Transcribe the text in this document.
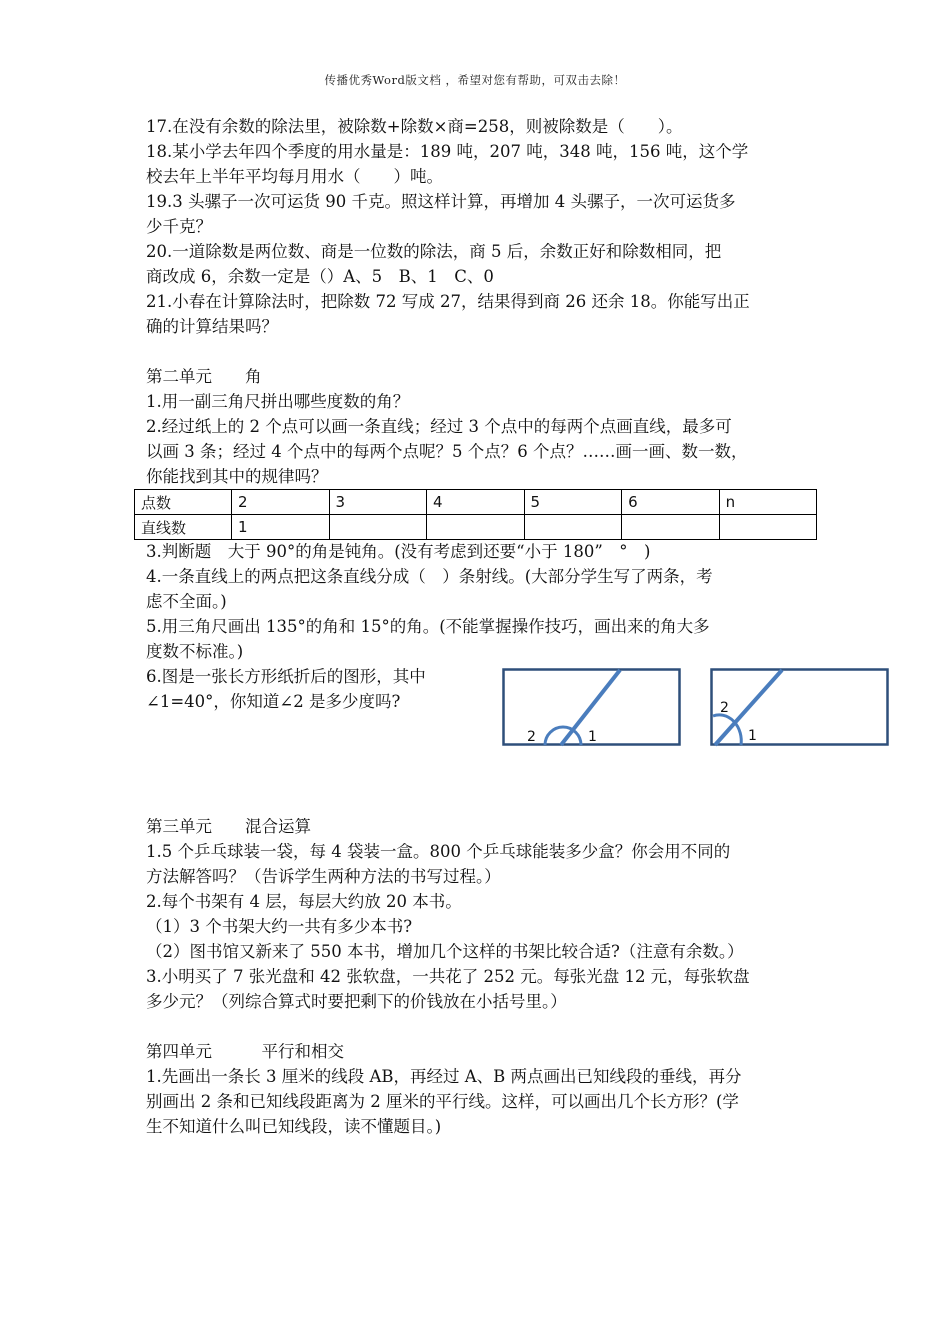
传播优秀Word版文档 ，希望对您有帮助，可双击去除！
17.在没有余数的除法里，被除数+除数×商=258，则被除数是（　　）。
18.某小学去年四个季度的用水量是：189 吨，207 吨，348 吨，156 吨，这个学
校去年上半年平均每月用水（　　）吨。
19.3 头骡子一次可运货 90 千克。照这样计算，再增加 4 头骡子，一次可运货多
少千克？
20.一道除数是两位数、商是一位数的除法，商 5 后，余数正好和除数相同，把
商改成 6，余数一定是（）A、5　B、1　C、0
21.小春在计算除法时，把除数 72 写成 27，结果得到商 26 还余 18。你能写出正
确的计算结果吗？
第二单元　　角
1.用一副三角尺拼出哪些度数的角？
2.经过纸上的 2 个点可以画一条直线；经过 3 个点中的每两个点画直线，最多可
以画 3 条；经过 4 个点中的每两个点呢？5 个点？6 个点？……画一画、数一数，
你能找到其中的规律吗？
点数	2	3	4	5	6	n
直线数	1					
3.判断题　大于 90°的角是钝角。(没有考虑到还要“小于 180”　°　)
4.一条直线上的两点把这条直线分成（　）条射线。(大部分学生写了两条，考
虑不全面。)
5.用三角尺画出 135°的角和 15°的角。(不能掌握操作技巧，画出来的角大多
度数不标准。)
6.图是一张长方形纸折后的图形，其中
∠1=40°，你知道∠2 是多少度吗?
2	1
2
1
第三单元　　混合运算
1.5 个乒乓球装一袋，每 4 袋装一盒。800 个乒乓球能装多少盒？你会用不同的
方法解答吗？（告诉学生两种方法的书写过程。）
2.每个书架有 4 层，每层大约放 20 本书。
（1）3 个书架大约一共有多少本书?
（2）图书馆又新来了 550 本书，增加几个这样的书架比较合适?（注意有余数。）
3.小明买了 7 张光盘和 42 张软盘，一共花了 252 元。每张光盘 12 元，每张软盘
多少元？（列综合算式时要把剩下的价钱放在小括号里。）
第四单元　　　平行和相交
1.先画出一条长 3 厘米的线段 AB，再经过 A、B 两点画出已知线段的垂线，再分
别画出 2 条和已知线段距离为 2 厘米的平行线。这样，可以画出几个长方形？(学
生不知道什么叫已知线段，读不懂题目。)
